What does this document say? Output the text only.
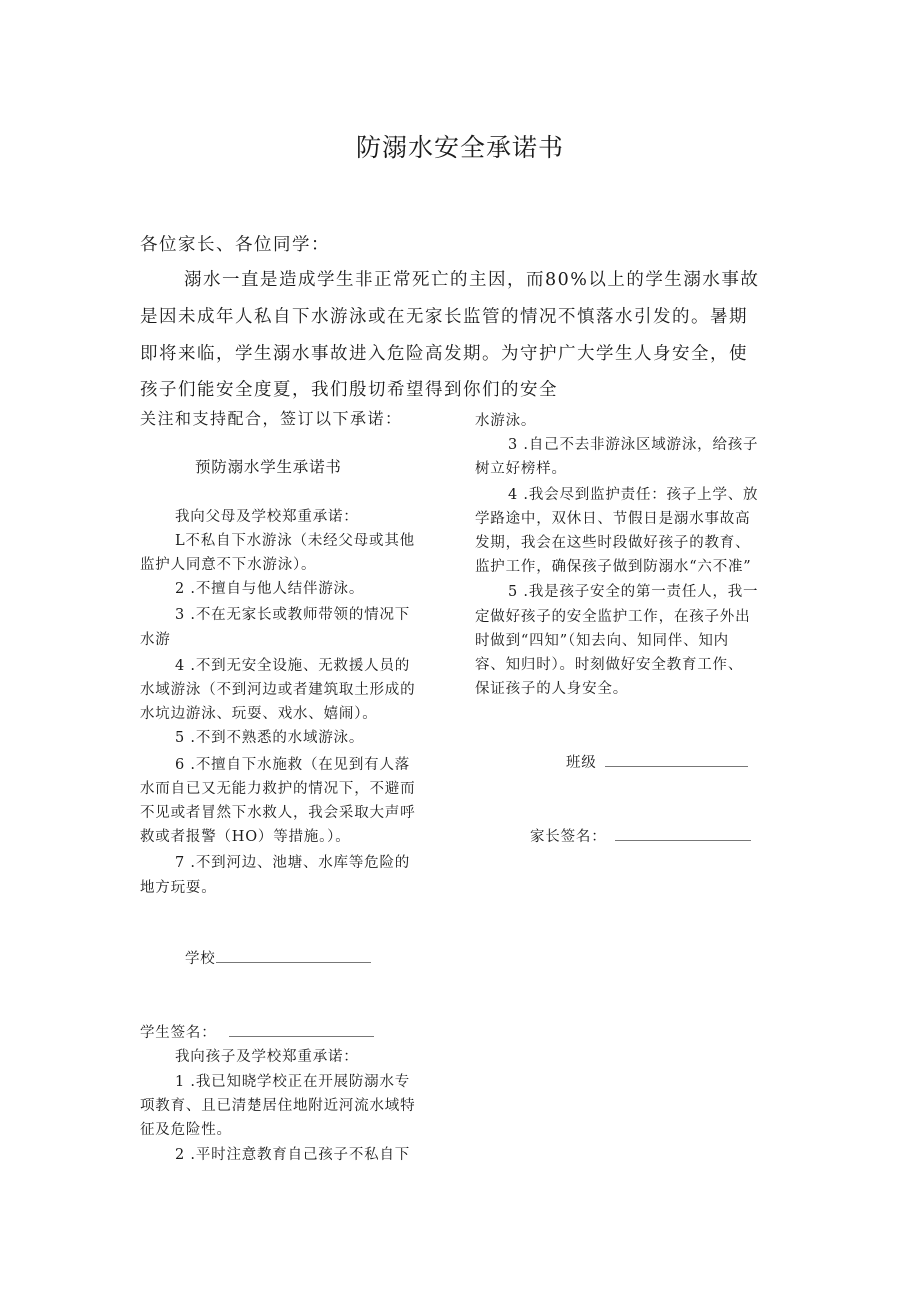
防溺水安全承诺书
各位家长、各位同学：
溺水一直是造成学生非正常死亡的主因，而80%以上的学生溺水事故
是因未成年人私自下水游泳或在无家长监管的情况不慎落水引发的。暑期
即将来临，学生溺水事故进入危险高发期。为守护广大学生人身安全，使
孩子们能安全度夏，我们殷切希望得到你们的安全
关注和支持配合，签订以下承诺：
预防溺水学生承诺书
我向父母及学校郑重承诺：
L不私自下水游泳（未经父母或其他
监护人同意不下水游泳）。
2 .不擅自与他人结伴游泳。
3 .不在无家长或教师带领的情况下
水游
4 .不到无安全设施、无救援人员的
水域游泳（不到河边或者建筑取土形成的
水坑边游泳、玩耍、戏水、嬉闹）。
5 .不到不熟悉的水域游泳。
6 .不擅自下水施救（在见到有人落
水而自已又无能力救护的情况下，不避而
不见或者冒然下水救人，我会采取大声呼
救或者报警（HO）等措施。）。
7 .不到河边、池塘、水库等危险的
地方玩耍。
学校
学生签名：
我向孩子及学校郑重承诺：
1 .我已知晓学校正在开展防溺水专
项教育、且已清楚居住地附近河流水域特
征及危险性。
2 .平时注意教育自己孩子不私自下
水游泳。
3 .自己不去非游泳区域游泳，给孩子
树立好榜样。
4 .我会尽到监护责任：孩子上学、放
学路途中，双休日、节假日是溺水事故高
发期，我会在这些时段做好孩子的教育、
监护工作，确保孩子做到防溺水“六不准”
5 .我是孩子安全的第一责任人，我一
定做好孩子的安全监护工作，在孩子外出
时做到“四知”（知去向、知同伴、知内
容、知归时）。时刻做好安全教育工作、
保证孩子的人身安全。
班级
家长签名：
